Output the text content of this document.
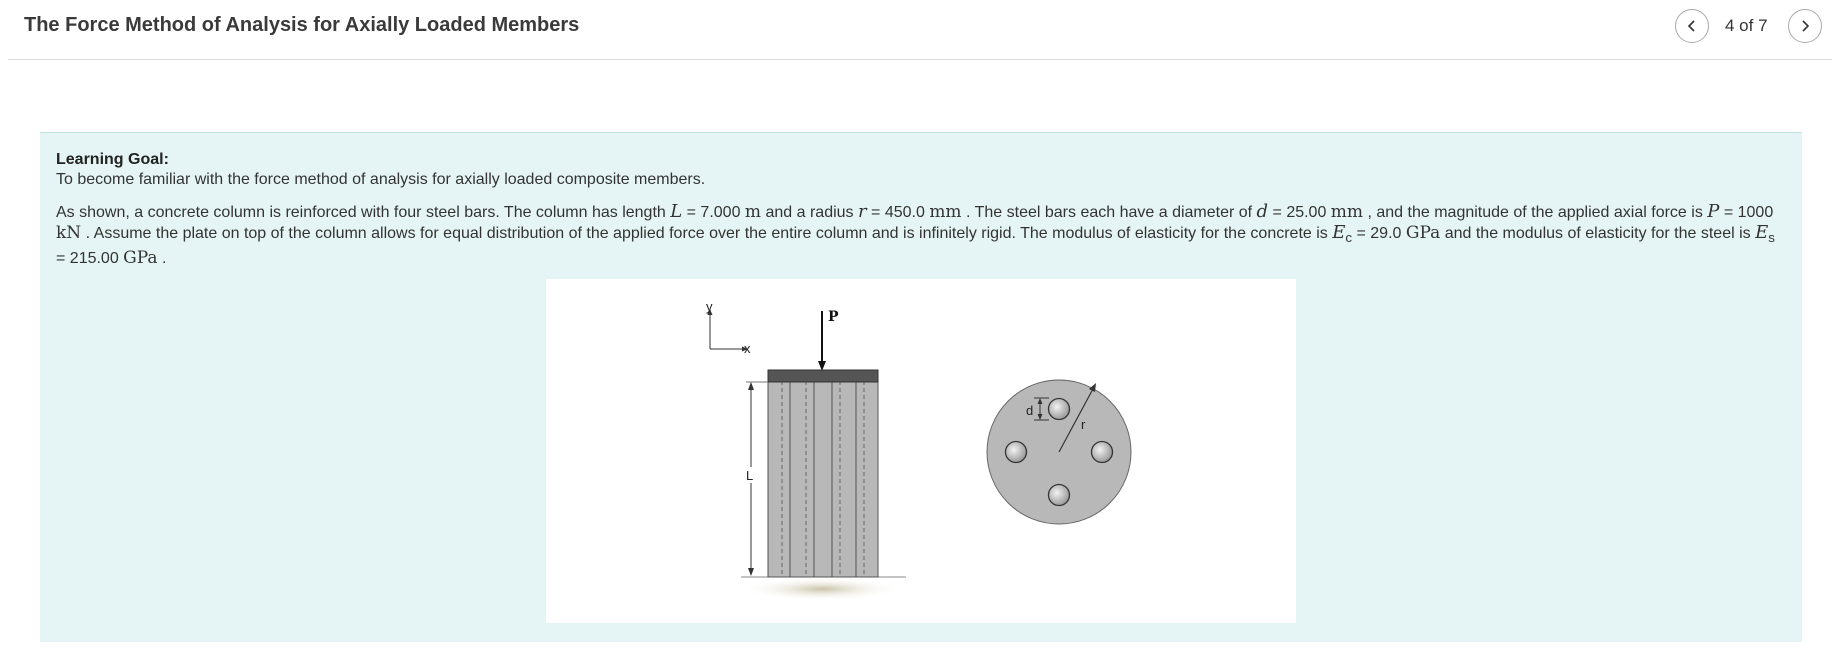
The Force Method of Analysis for Axially Loaded Members	4 of 7
Learning Goal:
To become familiar with the force method of analysis for axially loaded composite members.
As shown, a concrete column is reinforced with four steel bars. The column has length L = 7.000 m and a radius r = 450.0 mm . The steel bars each have a diameter of d = 25.00 mm , and the magnitude of the applied axial force is P = 1000 kN . Assume the plate on top of the column allows for equal distribution of the applied force over the entire column and is infinitely rigid. The modulus of elasticity for the concrete is $E_c = 29.0$ GPa and the modulus of elasticity for the steel is $E_s = 215.00$ GPa .
y
x
P
L
r
d
